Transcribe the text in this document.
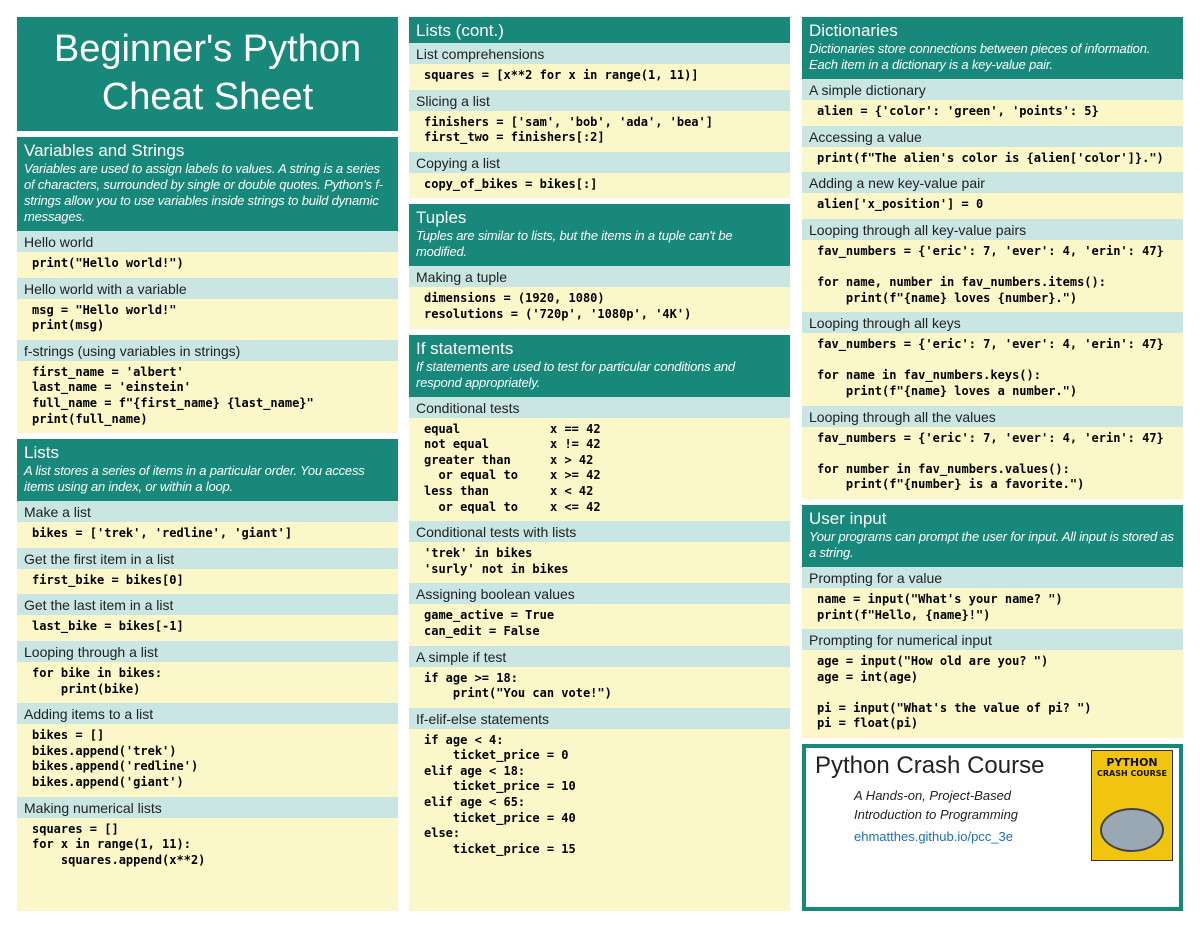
Beginner's Python
Cheat Sheet
Variables and Strings
Variables are used to assign labels to values. A string is a series of characters, surrounded by single or double quotes. Python's f-strings allow you to use variables inside strings to build dynamic messages.
Hello world
print("Hello world!")
Hello world with a variable
msg = "Hello world!"
print(msg)
f-strings (using variables in strings)
first_name = 'albert'
last_name = 'einstein'
full_name = f"{first_name} {last_name}"
print(full_name)
Lists
A list stores a series of items in a particular order. You access items using an index, or within a loop.
Make a list
bikes = ['trek', 'redline', 'giant']
Get the first item in a list
first_bike = bikes[0]
Get the last item in a list
last_bike = bikes[-1]
Looping through a list
for bike in bikes:
print(bike)
Adding items to a list
bikes = []
bikes.append('trek')
bikes.append('redline')
bikes.append('giant')
Making numerical lists
squares = []
for x in range(1, 11):
squares.append(x**2)
Lists (cont.)
List comprehensions
squares = [x**2 for x in range(1, 11)]
Slicing a list
finishers = ['sam', 'bob', 'ada', 'bea']
first_two = finishers[:2]
Copying a list
copy_of_bikes = bikes[:]
Tuples
Tuples are similar to lists, but the items in a tuple can't be modified.
Making a tuple
dimensions = (1920, 1080)
resolutions = ('720p', '1080p', '4K')
If statements
If statements are used to test for particular conditions and respond appropriately.
Conditional tests
equal	x == 42
not equal	x != 42
greater than	x > 42
or equal to	x >= 42
less than	x < 42
or equal to	x <= 42
Conditional tests with lists
'trek' in bikes
'surly' not in bikes
Assigning boolean values
game_active = True
can_edit = False
A simple if test
if age >= 18:
print("You can vote!")
If-elif-else statements
if age < 4:
ticket_price = 0
elif age < 18:
ticket_price = 10
elif age < 65:
ticket_price = 40
else:
ticket_price = 15
Dictionaries
Dictionaries store connections between pieces of information. Each item in a dictionary is a key-value pair.
A simple dictionary
alien = {'color': 'green', 'points': 5}
Accessing a value
print(f"The alien's color is {alien['color']}.")
Adding a new key-value pair
alien['x_position'] = 0
Looping through all key-value pairs
fav_numbers = {'eric': 7, 'ever': 4, 'erin': 47}

for name, number in fav_numbers.items():
print(f"{name} loves {number}.")
Looping through all keys
fav_numbers = {'eric': 7, 'ever': 4, 'erin': 47}

for name in fav_numbers.keys():
print(f"{name} loves a number.")
Looping through all the values
fav_numbers = {'eric': 7, 'ever': 4, 'erin': 47}

for number in fav_numbers.values():
print(f"{number} is a favorite.")
User input
Your programs can prompt the user for input. All input is stored as a string.
Prompting for a value
name = input("What's your name? ")
print(f"Hello, {name}!")
Prompting for numerical input
age = input("How old are you? ")
age = int(age)

pi = input("What's the value of pi? ")
pi = float(pi)
Python Crash Course
A Hands-on, Project-Based
Introduction to Programming
ehmatthes.github.io/pcc_3e
PYTHON
CRASH COURSE
